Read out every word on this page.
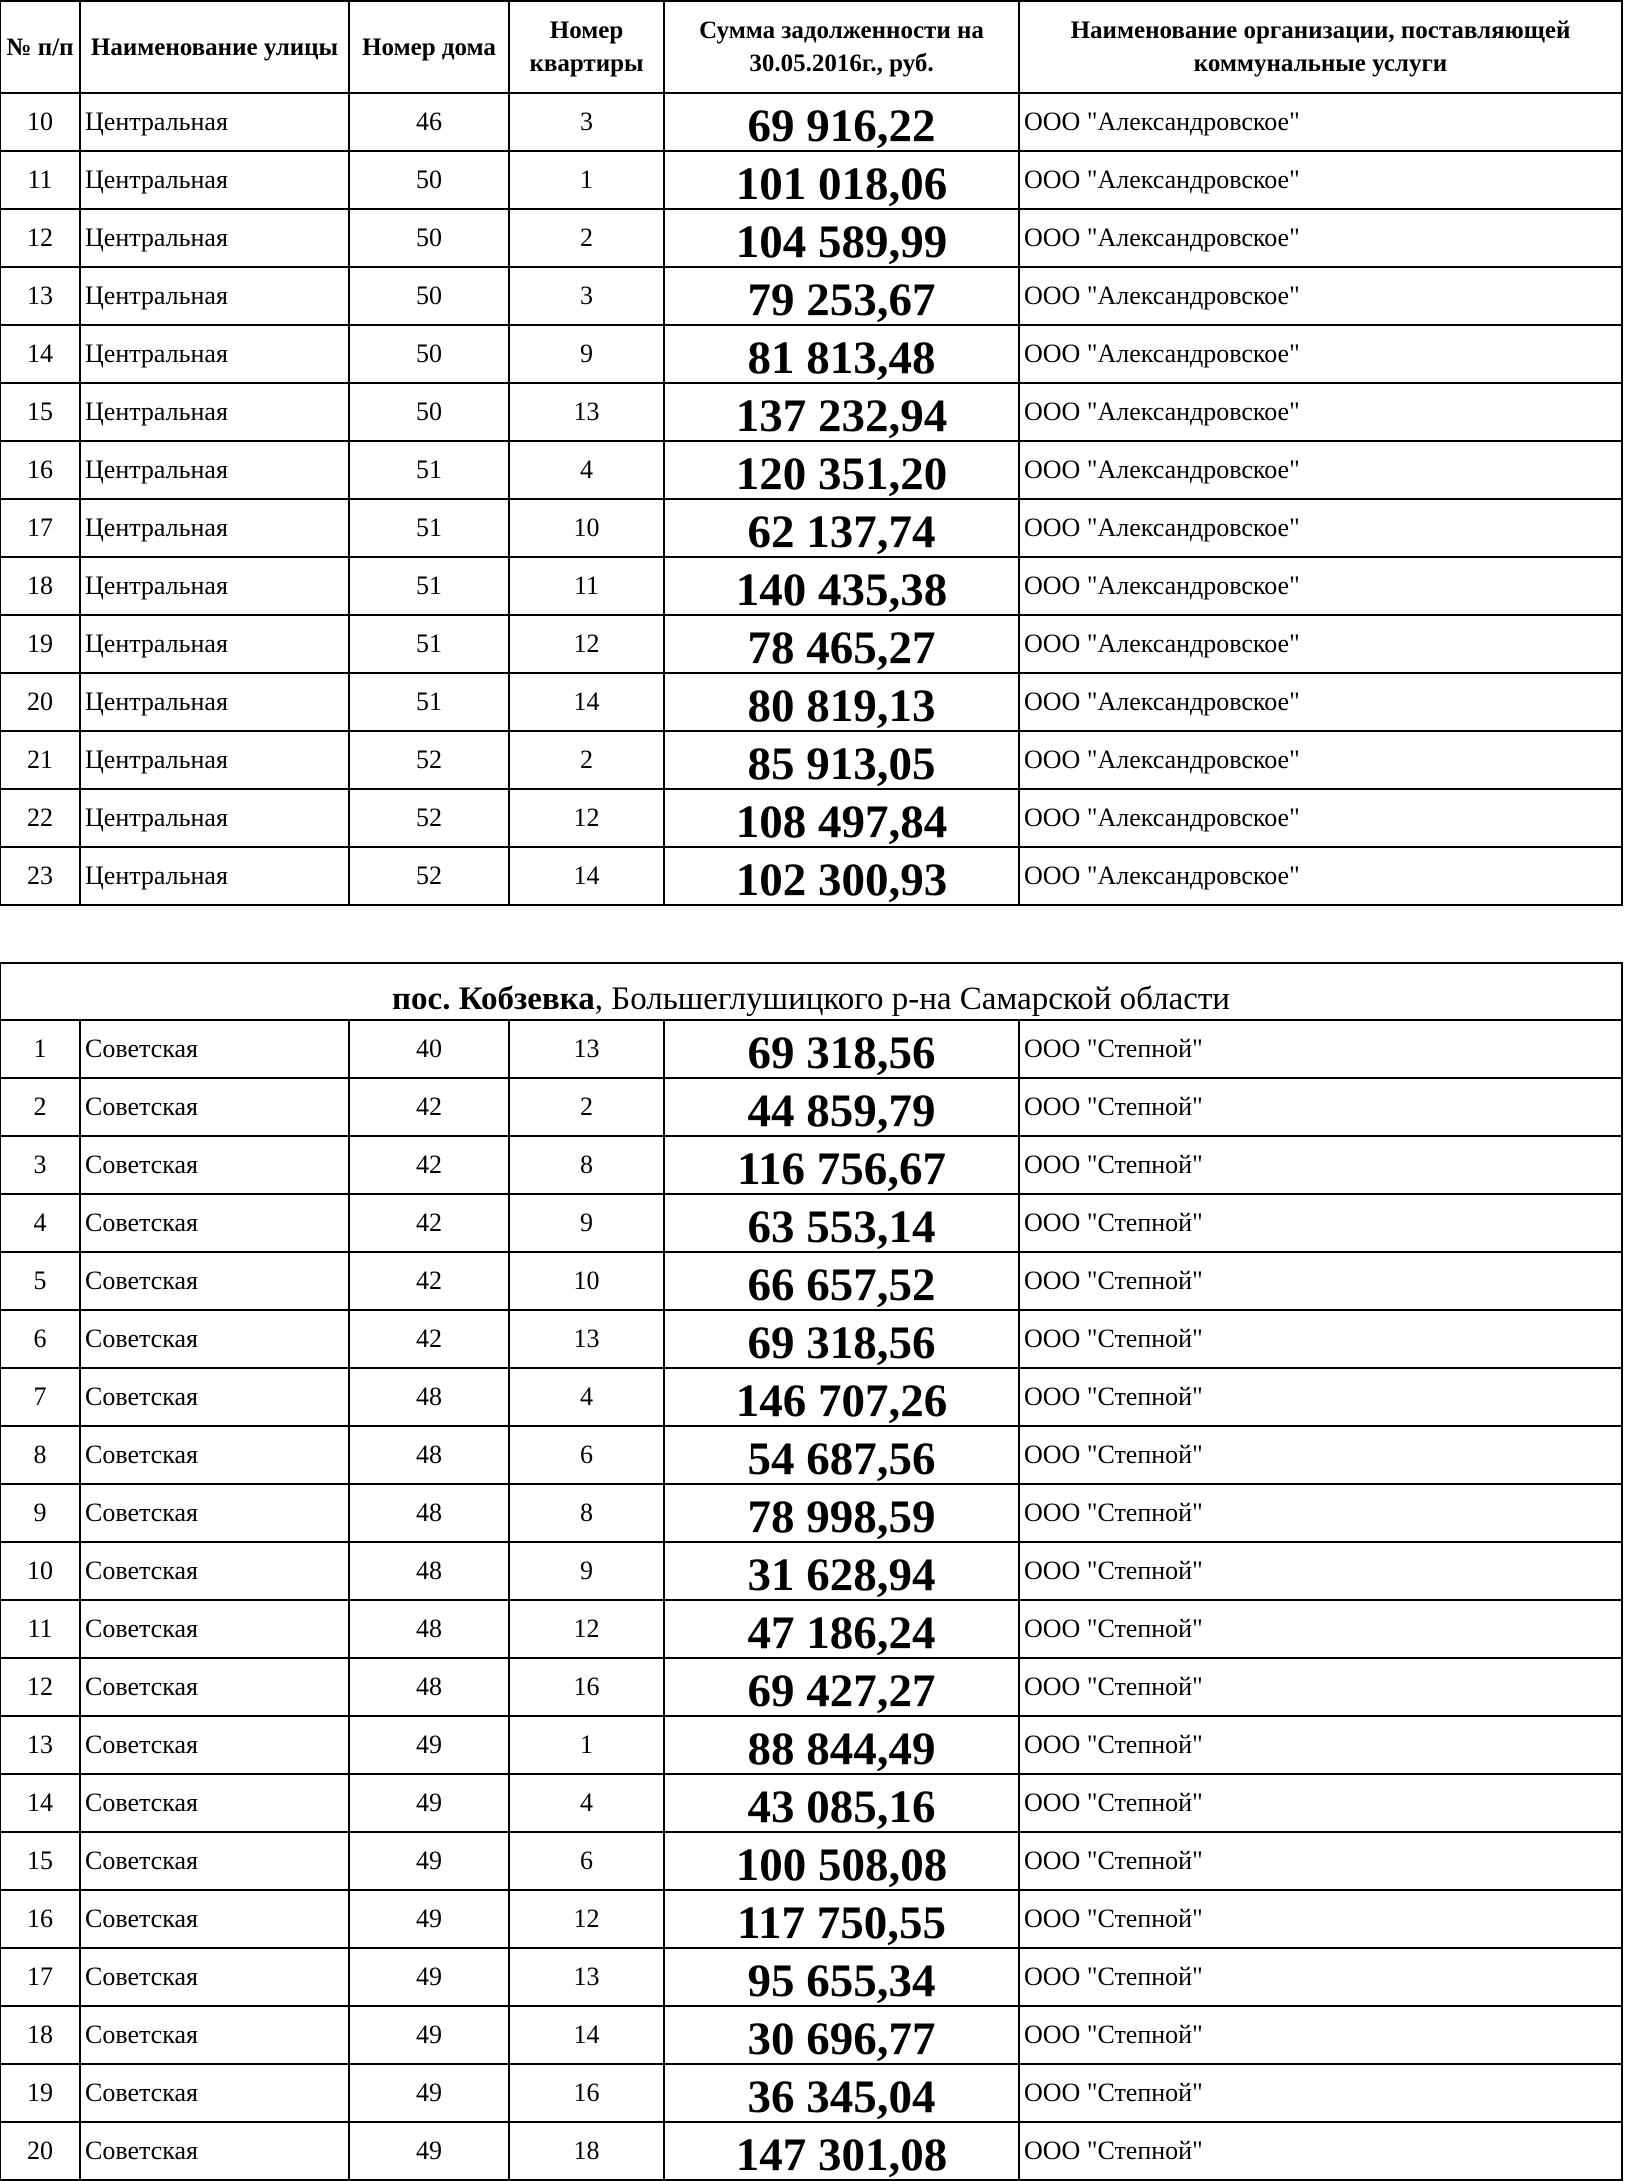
№ п/п	Наименование улицы	Номер дома	Номер квартиры	Сумма задолженности на 30.05.2016г., руб.	Наименование организации, поставляющей коммунальные услуги
10	Центральная	46	3	69 916,22	ООО "Александровское"
11	Центральная	50	1	101 018,06	ООО "Александровское"
12	Центральная	50	2	104 589,99	ООО "Александровское"
13	Центральная	50	3	79 253,67	ООО "Александровское"
14	Центральная	50	9	81 813,48	ООО "Александровское"
15	Центральная	50	13	137 232,94	ООО "Александровское"
16	Центральная	51	4	120 351,20	ООО "Александровское"
17	Центральная	51	10	62 137,74	ООО "Александровское"
18	Центральная	51	11	140 435,38	ООО "Александровское"
19	Центральная	51	12	78 465,27	ООО "Александровское"
20	Центральная	51	14	80 819,13	ООО "Александровское"
21	Центральная	52	2	85 913,05	ООО "Александровское"
22	Центральная	52	12	108 497,84	ООО "Александровское"
23	Центральная	52	14	102 300,93	ООО "Александровское"
пос. Кобзевка, Большеглушицкого р-на Самарской области					
1	Советская	40	13	69 318,56	ООО "Степной"
2	Советская	42	2	44 859,79	ООО "Степной"
3	Советская	42	8	116 756,67	ООО "Степной"
4	Советская	42	9	63 553,14	ООО "Степной"
5	Советская	42	10	66 657,52	ООО "Степной"
6	Советская	42	13	69 318,56	ООО "Степной"
7	Советская	48	4	146 707,26	ООО "Степной"
8	Советская	48	6	54 687,56	ООО "Степной"
9	Советская	48	8	78 998,59	ООО "Степной"
10	Советская	48	9	31 628,94	ООО "Степной"
11	Советская	48	12	47 186,24	ООО "Степной"
12	Советская	48	16	69 427,27	ООО "Степной"
13	Советская	49	1	88 844,49	ООО "Степной"
14	Советская	49	4	43 085,16	ООО "Степной"
15	Советская	49	6	100 508,08	ООО "Степной"
16	Советская	49	12	117 750,55	ООО "Степной"
17	Советская	49	13	95 655,34	ООО "Степной"
18	Советская	49	14	30 696,77	ООО "Степной"
19	Советская	49	16	36 345,04	ООО "Степной"
20	Советская	49	18	147 301,08	ООО "Степной"
